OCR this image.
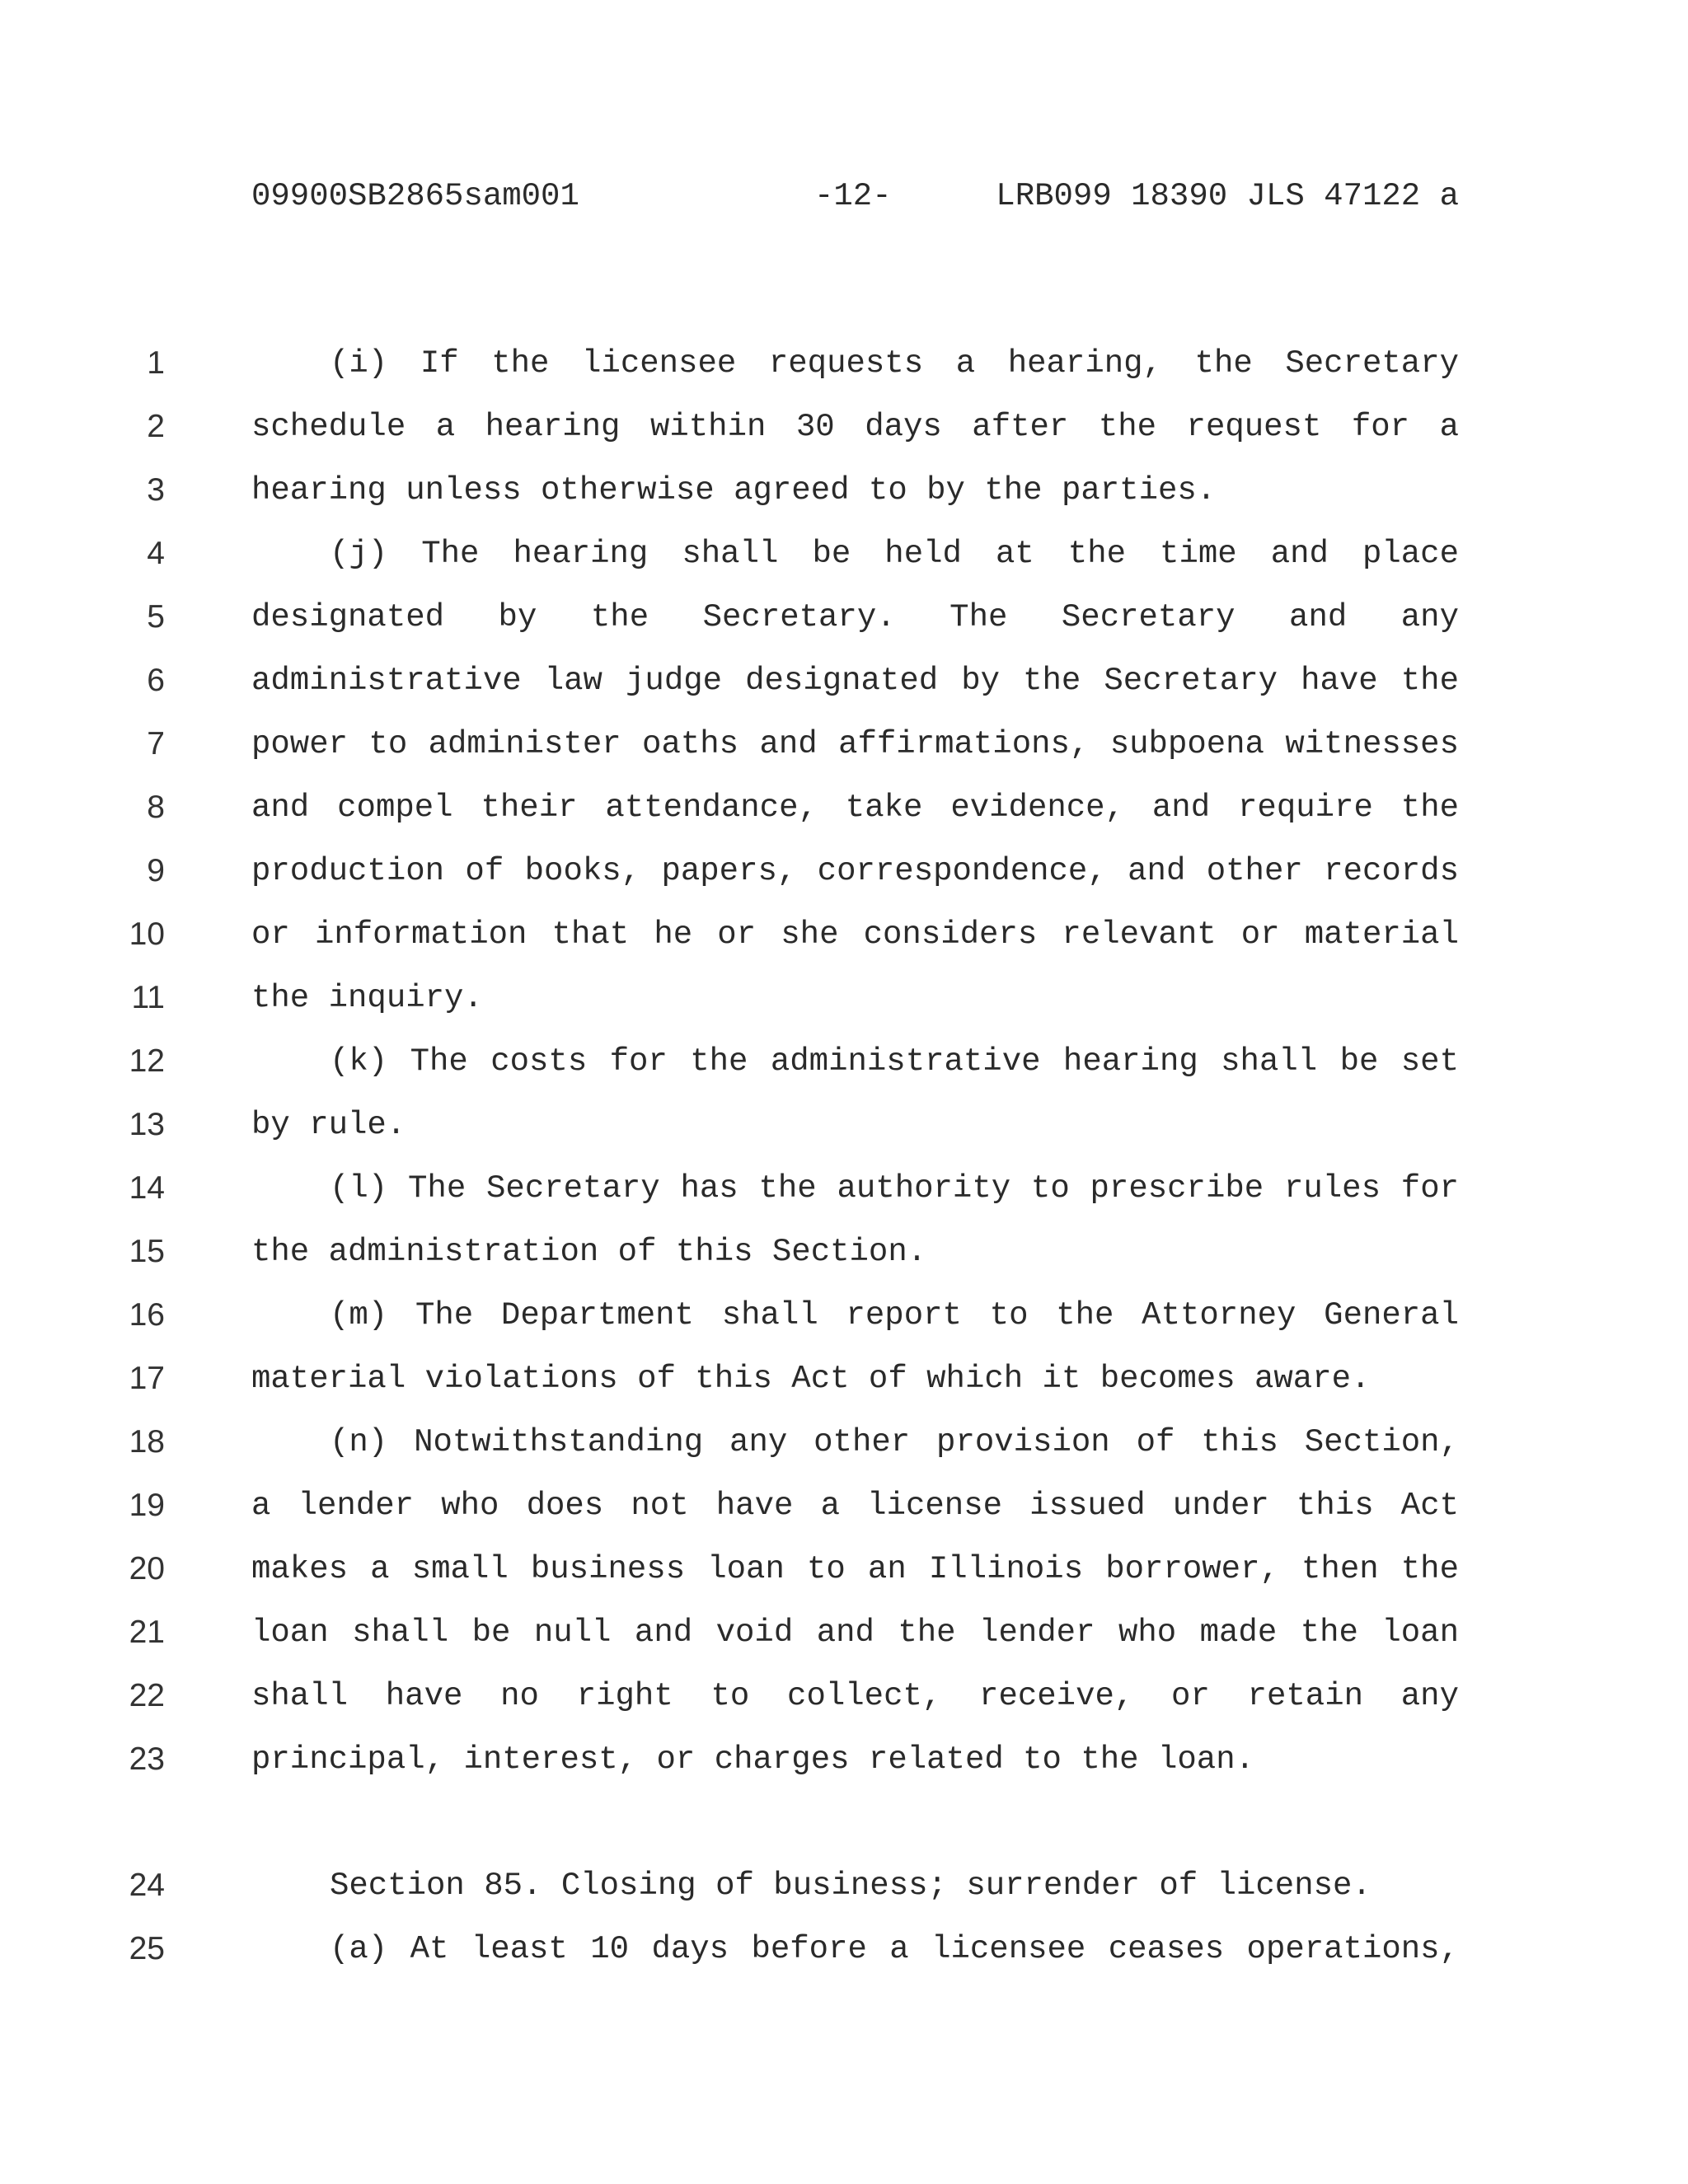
09900SB2865sam001	-12-	LRB099 18390 JLS 47122 a
1	(i) If the licensee requests a hearing, the Secretary
2	schedule a hearing within 30 days after the request for a
3	hearing unless otherwise agreed to by the parties.
4	(j) The hearing shall be held at the time and place
5	designated by the Secretary. The Secretary and any
6	administrative law judge designated by the Secretary have the
7	power to administer oaths and affirmations, subpoena witnesses
8	and compel their attendance, take evidence, and require the
9	production of books, papers, correspondence, and other records
10	or information that he or she considers relevant or material
11	the inquiry.
12	(k) The costs for the administrative hearing shall be set
13	by rule.
14	(l) The Secretary has the authority to prescribe rules for
15	the administration of this Section.
16	(m) The Department shall report to the Attorney General
17	material violations of this Act of which it becomes aware.
18	(n) Notwithstanding any other provision of this Section,
19	a lender who does not have a license issued under this Act
20	makes a small business loan to an Illinois borrower, then the
21	loan shall be null and void and the lender who made the loan
22	shall have no right to collect, receive, or retain any
23	principal, interest, or charges related to the loan.
24	Section 85. Closing of business; surrender of license.
25	(a) At least 10 days before a licensee ceases operations,
